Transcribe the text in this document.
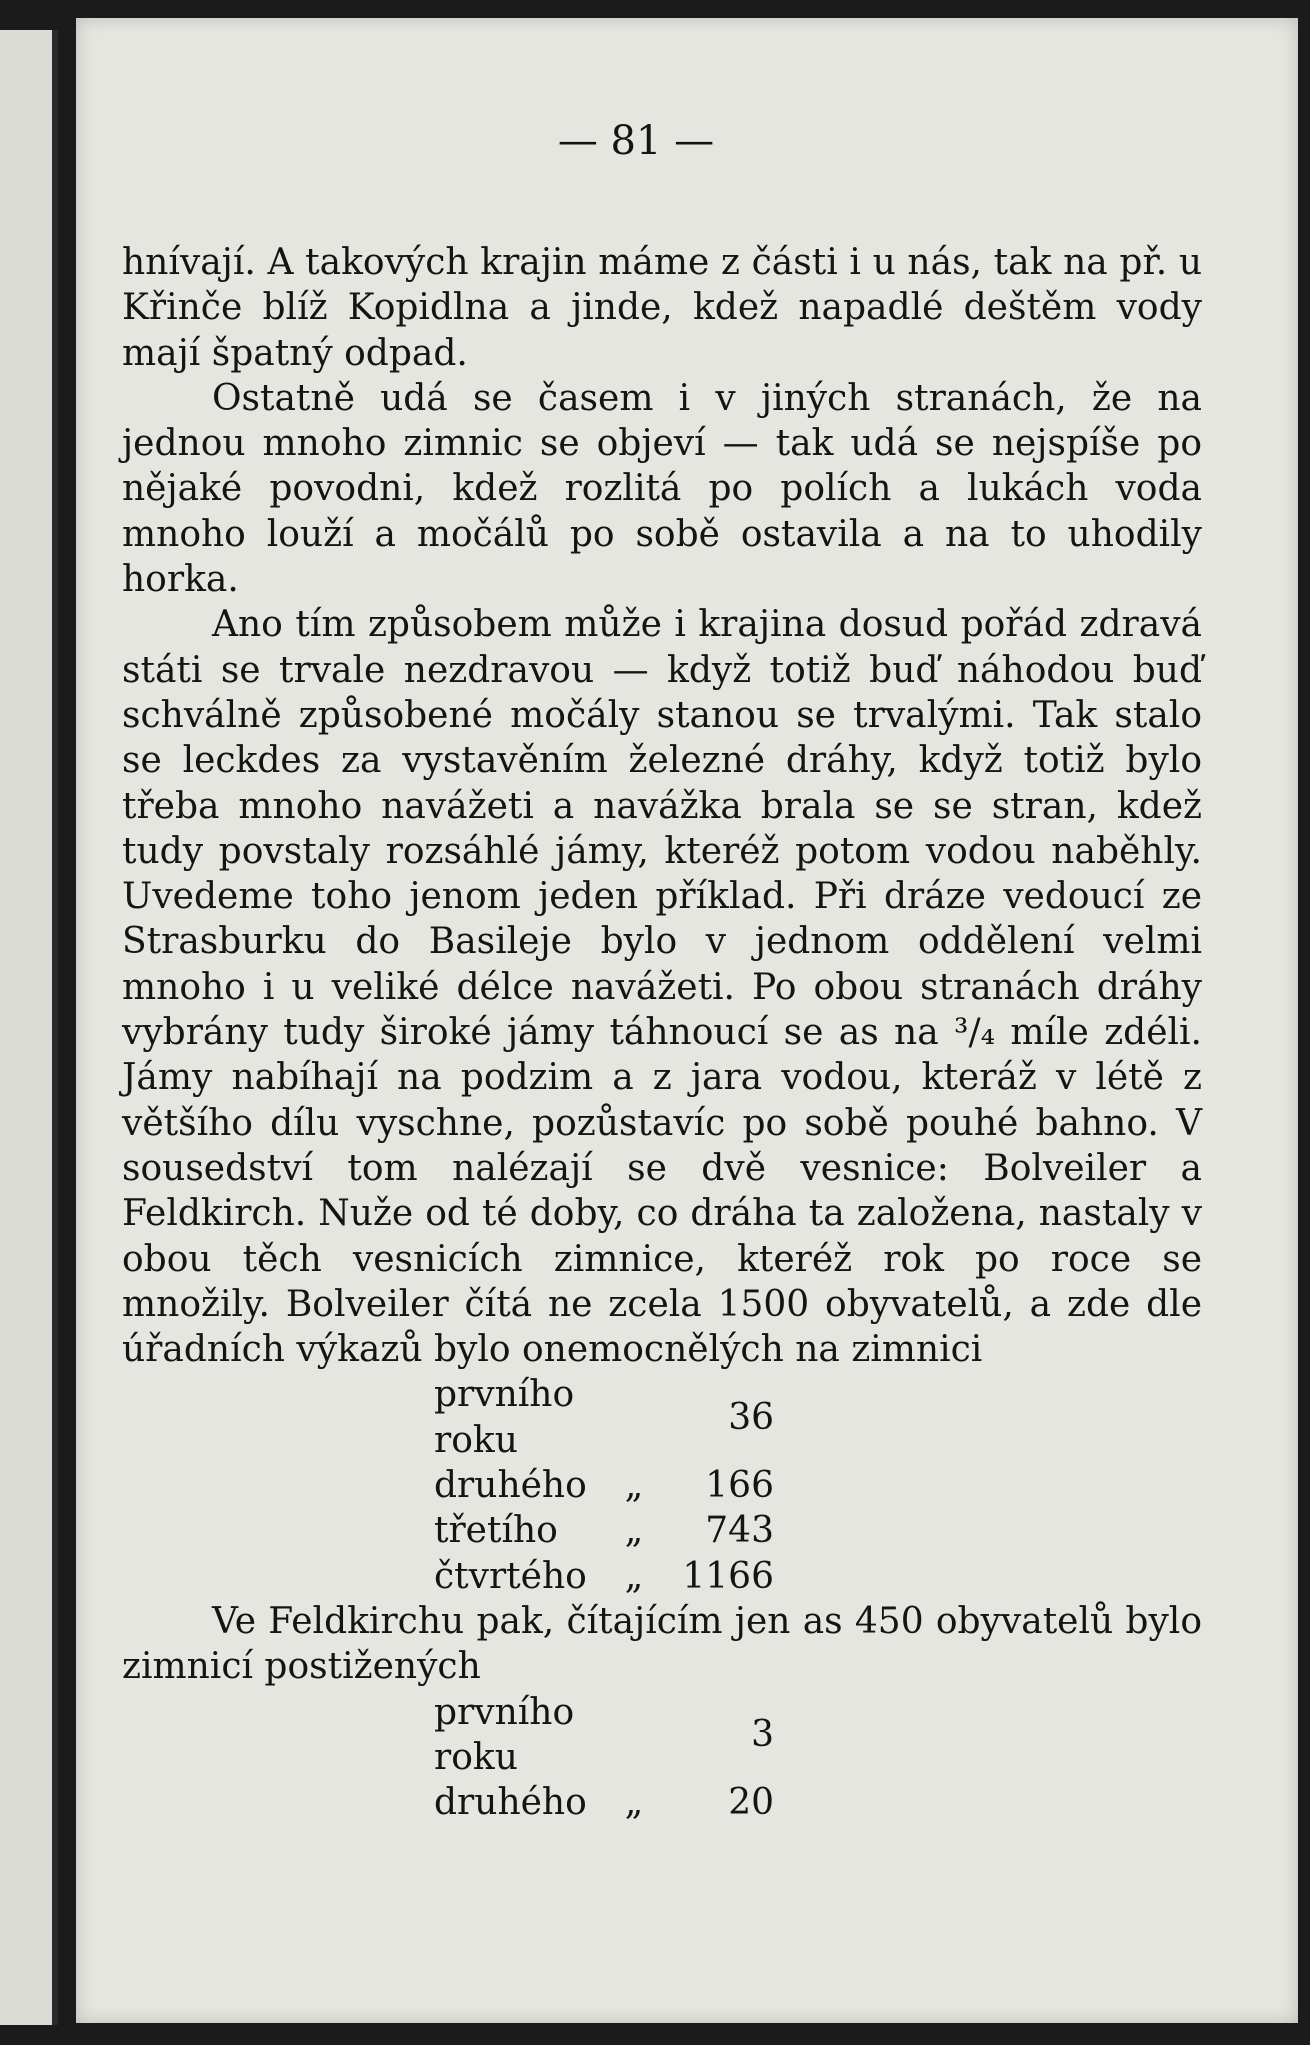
— 81 —

hnívají. A takových krajin máme z části i u nás, tak na př. u Křinče blíž Kopidlna a jinde, kdež napadlé deštěm vody mají špatný odpad.

Ostatně udá se časem i v jiných stranách, že na jednou mnoho zimnic se objeví — tak udá se nejspíše po nějaké povodni, kdež rozlitá po polích a lukách voda mnoho louží a močálů po sobě ostavila a na to uhodily horka.

Ano tím způsobem může i krajina dosud pořád zdravá státi se trvale nezdravou — když totiž buď náhodou buď schválně způsobené močály stanou se trvalými. Tak stalo se leckdes za vystavěním železné dráhy, když totiž bylo třeba mnoho navážeti a navážka brala se se stran, kdež tudy povstaly rozsáhlé jámy, kteréž potom vodou naběhly. Uvedeme toho jenom jeden příklad. Při dráze vedoucí ze Strasburku do Basileje bylo v jednom oddělení velmi mnoho i u veliké délce navážeti. Po obou stranách dráhy vybrány tudy široké jámy táhnoucí se as na ³/₄ míle zdéli. Jámy nabíhají na podzim a z jara vodou, kteráž v létě z většího dílu vyschne, pozůstavíc po sobě pouhé bahno. V sousedství tom nalézají se dvě vesnice: Bolveiler a Feldkirch. Nuže od té doby, co dráha ta založena, nastaly v obou těch vesnicích zimnice, kteréž rok po roce se množily. Bolveiler čítá ne zcela 1500 obyvatelů, a zde dle úřadních výkazů bylo onemocnělých na zimnici

prvního roku		36
druhého	„	166
třetího	„	743
čtvrtého	„	1166

Ve Feldkirchu pak, čítajícím jen as 450 obyvatelů bylo zimnicí postižených

prvního roku		3
druhého	„	20
